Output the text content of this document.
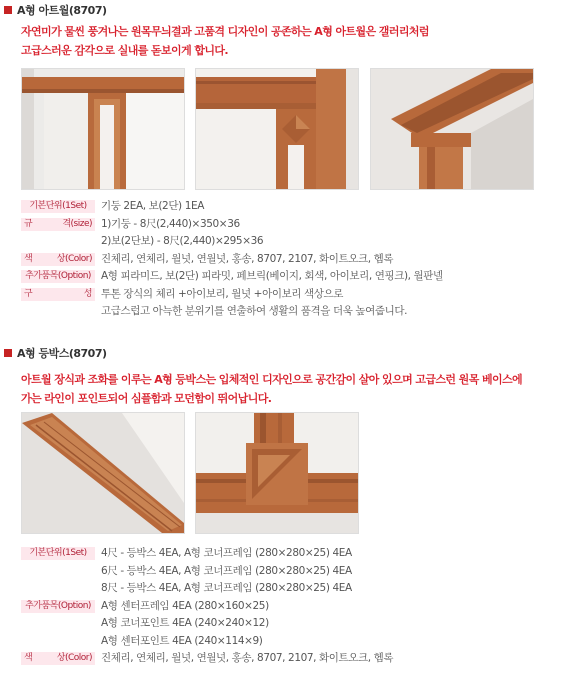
A형 아트월(8707)
자연미가 물씬 풍겨나는 원목무늬결과 고품격 디자인이 공존하는 A형 아트월은 갤러리처럼
고급스러운 감각으로 실내를 돋보이게 합니다.
기본단위(1Set) 기둥 2EA, 보(2단) 1EA
규	격(size) 1)기둥 - 8尺(2,440)×350×36
2)보(2단보) - 8尺(2,440)×295×36
색	상(Color) 진체리, 연체리, 월넛, 연월넛, 홍송, 8707, 2107, 화이트오크, 헴록
추가품목(Option) A형 피라미드, 보(2단) 피라밋, 페브릭(베이지, 회색, 아이보리, 연핑크), 월판넬
구	성 투톤 장식의 체리 +아이보리, 월넛 +아이보리 색상으로
고급스럽고 아늑한 분위기를 연출하여 생활의 품격을 더욱 높여줍니다.
A형 등박스(8707)
아트월 장식과 조화를 이루는 A형 등박스는 입체적인 디자인으로 공간감이 살아 있으며 고급스런 원목 베이스에
가는 라인이 포인트되어 심플함과 모던함이 뛰어납니다.
기본단위(1Set) 4尺 - 등박스 4EA, A형 코너프레임 (280×280×25) 4EA
6尺 - 등박스 4EA, A형 코너프레임 (280×280×25) 4EA
8尺 - 등박스 4EA, A형 코너프레임 (280×280×25) 4EA
추가품목(Option) A형 센터프레임 4EA (280×160×25)
A형 코너포인트 4EA (240×240×12)
A형 센터포인트 4EA (240×114×9)
색	상(Color) 진체리, 연체리, 월넛, 연월넛, 홍송, 8707, 2107, 화이트오크, 헴록
